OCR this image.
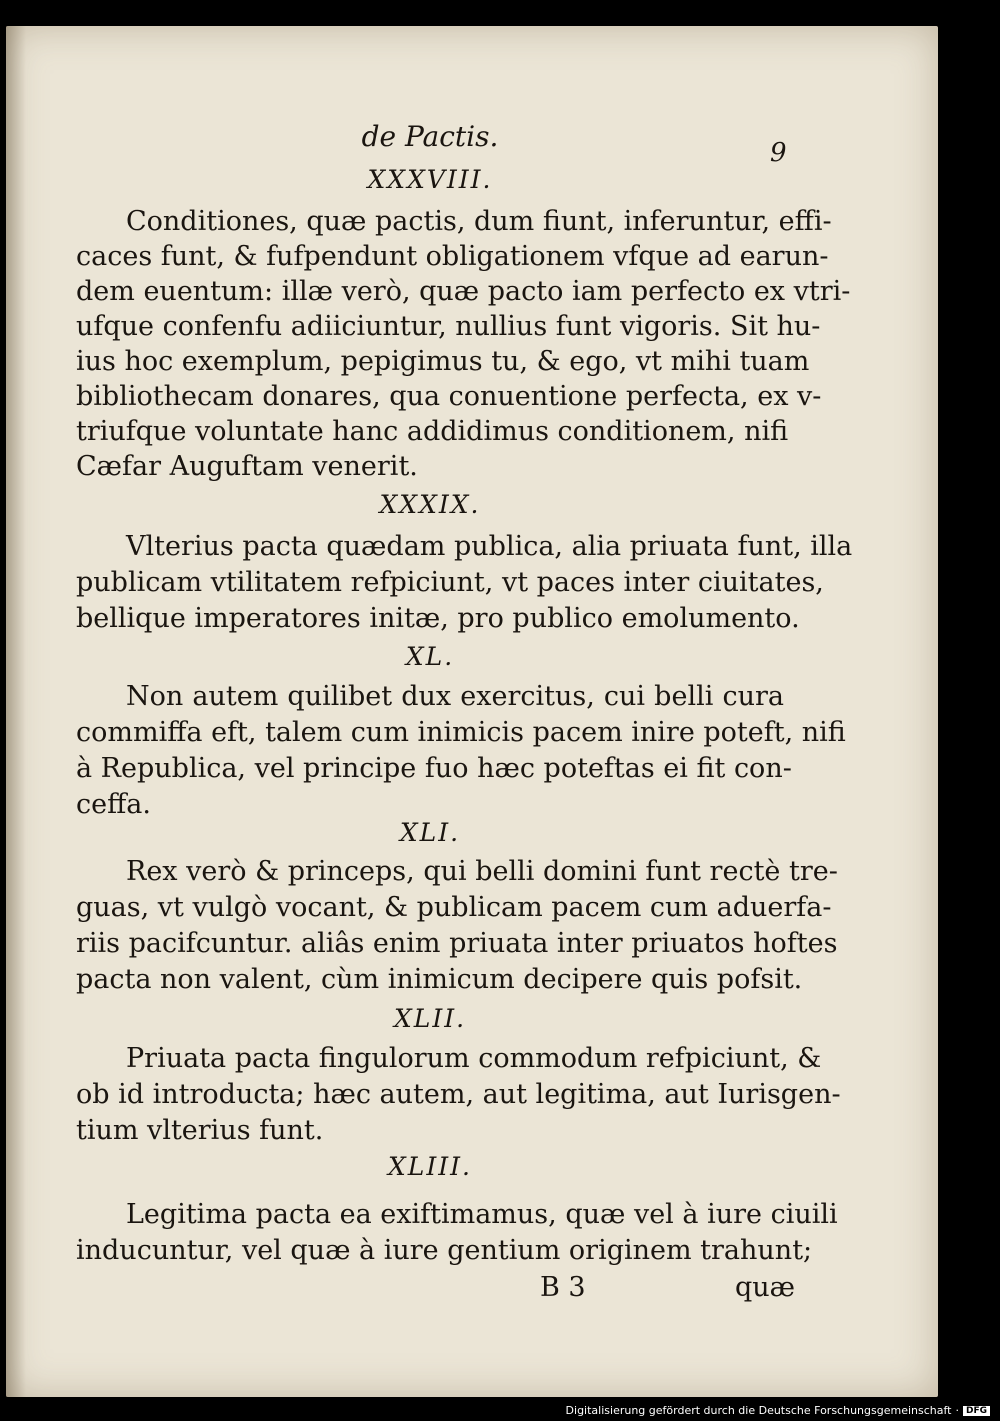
de Pactis.	9
XXXVIII.
Conditiones, quæ pactis, dum fiunt, inferuntur, effi-
caces funt, & fufpendunt obligationem vfque ad earun-
dem euentum: illæ verò, quæ pacto iam perfecto ex vtri-
ufque confenfu adiiciuntur, nullius funt vigoris. Sit hu-
ius hoc exemplum, pepigimus tu, & ego, vt mihi tuam
bibliothecam donares, qua conuentione perfecta, ex v-
triufque voluntate hanc addidimus conditionem, nifi
Cæfar Auguftam venerit.
XXXIX.
Vlterius pacta quædam publica, alia priuata funt, illa
publicam vtilitatem refpiciunt, vt paces inter ciuitates,
bellique imperatores initæ, pro publico emolumento.
XL.
Non autem quilibet dux exercitus, cui belli cura
commiffa eft, talem cum inimicis pacem inire poteft, nifi
à Republica, vel principe fuo hæc poteftas ei fit con-
ceffa.
XLI.
Rex verò & princeps, qui belli domini funt rectè tre-
guas, vt vulgò vocant, & publicam pacem cum aduerfa-
riis pacifcuntur. aliâs enim priuata inter priuatos hoftes
pacta non valent, cùm inimicum decipere quis pofsit.
XLII.
Priuata pacta fingulorum commodum refpiciunt, &
ob id introducta; hæc autem, aut legitima, aut Iurisgen-
tium vlterius funt.
XLIII.
Legitima pacta ea exiftimamus, quæ vel à iure ciuili
inducuntur, vel quæ à iure gentium originem trahunt;
B 3	quæ
Digitalisierung gefördert durch die Deutsche Forschungsgemeinschaft · DFG
